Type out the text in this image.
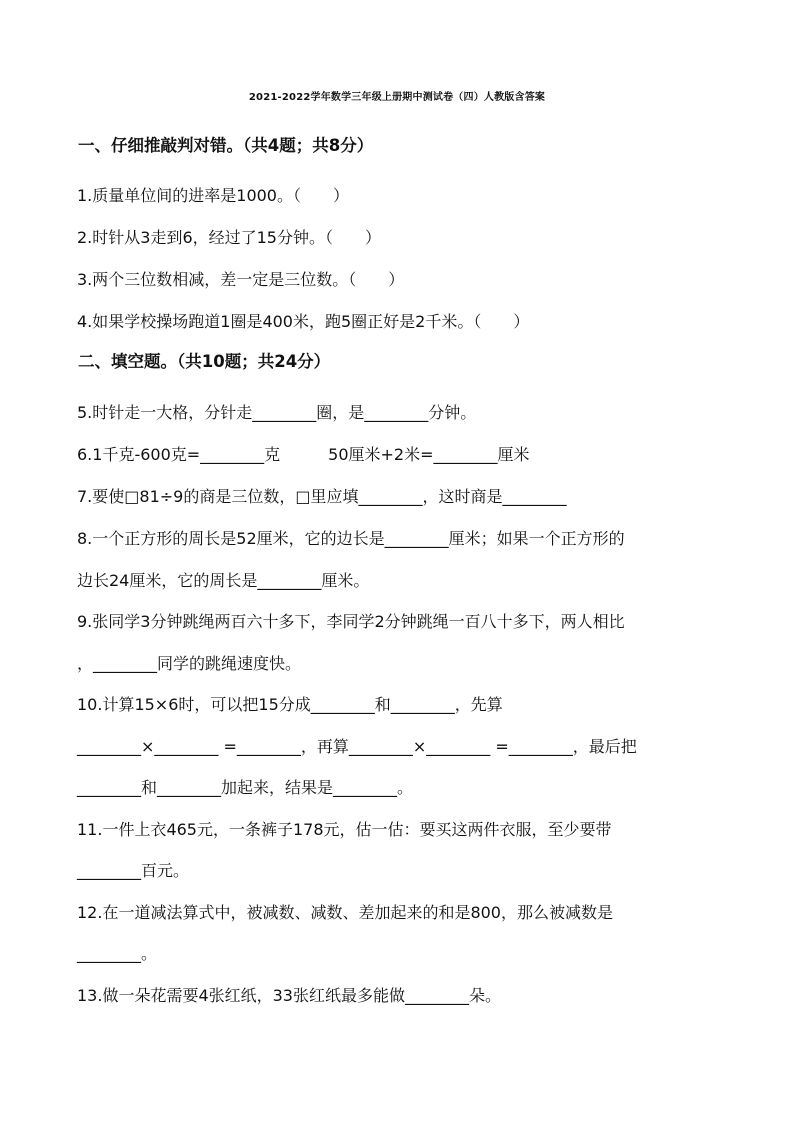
2021-2022学年数学三年级上册期中测试卷（四）人教版含答案
一、仔细推敲判对错。（共4题；共8分）
1.质量单位间的进率是1000。（　　）
2.时针从3走到6，经过了15分钟。（　　）
3.两个三位数相减，差一定是三位数。（　　）
4.如果学校操场跑道1圈是400米，跑5圈正好是2千米。（　　）
二、填空题。（共10题；共24分）
5.时针走一大格，分针走________圈，是________分钟。
6.1千克-600克=________克　　　50厘米+2米=________厘米
7.要使□81÷9的商是三位数，□里应填________，这时商是________
8.一个正方形的周长是52厘米，它的边长是________厘米；如果一个正方形的
边长24厘米，它的周长是________厘米。
9.张同学3分钟跳绳两百六十多下，李同学2分钟跳绳一百八十多下，两人相比
，________同学的跳绳速度快。
10.计算15×6时，可以把15分成________和________，先算
________×________ =________，再算________×________ =________，最后把
________和________加起来，结果是________。
11.一件上衣465元，一条裤子178元，估一估：要买这两件衣服，至少要带
________百元。
12.在一道减法算式中，被减数、减数、差加起来的和是800，那么被减数是
________。
13.做一朵花需要4张红纸，33张红纸最多能做________朵。
